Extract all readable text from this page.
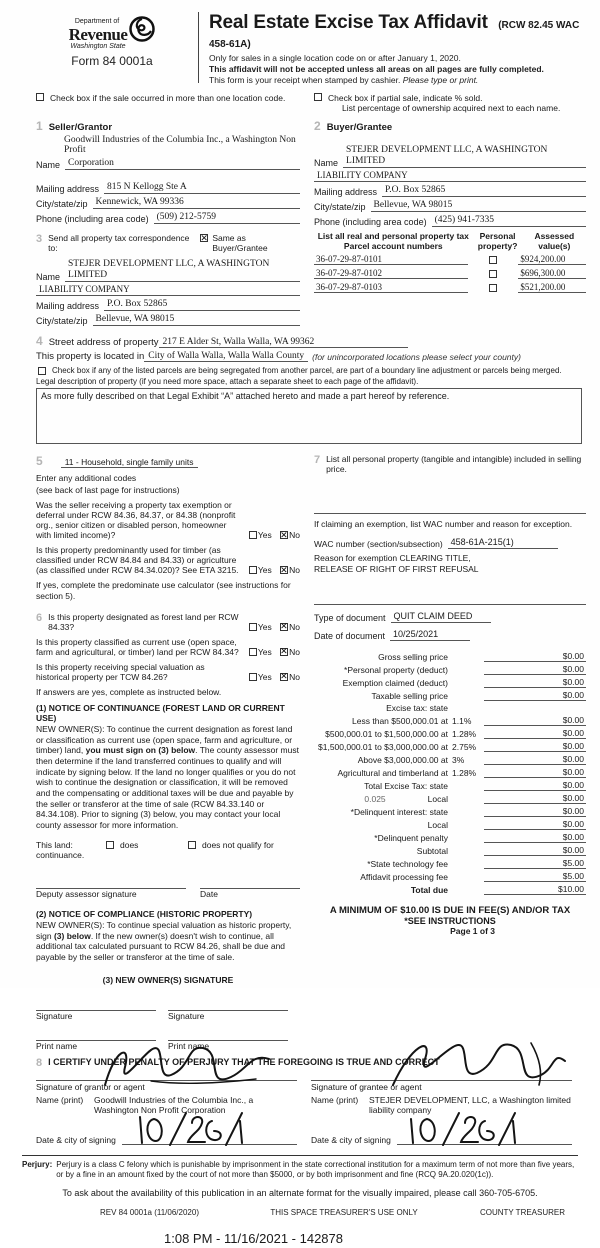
Department of
Revenue
Washington State
Form 84 0001a
Real Estate Excise Tax Affidavit (RCW 82.45 WAC 458-61A)
Only for sales in a single location code on or after January 1, 2020.
This affidavit will not be accepted unless all areas on all pages are fully completed.
This form is your receipt when stamped by cashier. Please type or print.
Check box if the sale occurred in more than one location code.	Check box if partial sale, indicate % sold.
List percentage of ownership acquired next to each name.
1 Seller/Grantor
Goodwill Industries of the Columbia Inc., a Washington Non Profit
Name Corporation
Mailing address 815 N Kellogg Ste A
City/state/zip Kennewick, WA 99336
Phone (including area code) (509) 212-5759
3 Send all property tax correspondence to:
✕
Same as Buyer/Grantee
Name
STEJER DEVELOPMENT LLC, A WASHINGTON LIMITED
LIABILITY COMPANY
Mailing address P.O. Box 52865
City/state/zip Bellevue, WA 98015
2 Buyer/Grantee
Name
STEJER DEVELOPMENT LLC, A WASHINGTON LIMITED
LIABILITY COMPANY
Mailing address P.O. Box 52865
City/state/zip Bellevue, WA 98015
Phone (including area code) (425) 941-7335
List all real and personal property tax
Parcel account numbers
Personal
property?
Assessed
value(s)
36-07-29-87-0101	$924,200.00
36-07-29-87-0102	$696,300.00
36-07-29-87-0103	$521,200.00
4 Street address of property 217 E Alder St, Walla Walla, WA 99362
This property is located in City of Walla Walla, Walla Walla County (for unincorporated locations please select your county)
Check box if any of the listed parcels are being segregated from another parcel, are part of a boundary line adjustment or parcels being merged.
Legal description of property (if you need more space, attach a separate sheet to each page of the affidavit).
As more fully described on that Legal Exhibit “A” attached hereto and made a part hereof by reference.
5	11 - Household, single family units
Enter any additional codes
(see back of last page for instructions)
Was the seller receiving a property tax exemption or deferral under RCW 84.36, 84.37, or 84.38 (nonprofit org., senior citizen or disabled person, homeowner with limited income)?	Yes ✕ No
Is this property predominantly used for timber (as classified under RCW 84.84 and 84.33) or agriculture (as classified under RCW 84.34.020)? See ETA 3215.	Yes ✕ No
If yes, complete the predominate use calculator (see instructions for section 5).
6 Is this property designated as forest land per RCW 84.33?	Yes ✕ No
Is this property classified as current use (open space, farm and agricultural, or timber) land per RCW 84.34?	Yes ✕ No
Is this property receiving special valuation as historical property per TCW 84.26?	Yes ✕ No
If answers are yes, complete as instructed below.
(1) NOTICE OF CONTINUANCE (FOREST LAND OR CURRENT USE)
NEW OWNER(S): To continue the current designation as forest land or classification as current use (open space, farm and agriculture, or timber) land, you must sign on (3) below. The county assessor must then determine if the land transferred continues to qualify and will indicate by signing below. If the land no longer qualifies or you do not wish to continue the designation or classification, it will be removed and the compensating or additional taxes will be due and payable by the seller or transferor at the time of sale (RCW 84.33.140 or 84.34.108). Prior to signing (3) below, you may contact your local county assessor for more information.
This land:	does	does not qualify for
continuance.
Deputy assessor signature	Date
(2) NOTICE OF COMPLIANCE (HISTORIC PROPERTY)
NEW OWNER(S): To continue special valuation as historic property, sign (3) below. If the new owner(s) doesn't wish to continue, all additional tax calculated pursuant to RCW 84.26, shall be due and payable by the seller or transferor at the time of sale.
(3) NEW OWNER(S) SIGNATURE
Signature	Signature
Print name	Print name
7 List all personal property (tangible and intangible) included in selling price.
If claiming an exemption, list WAC number and reason for exception.
WAC number (section/subsection) 458-61A-215(1)
Reason for exemption CLEARING TITLE,
RELEASE OF RIGHT OF FIRST REFUSAL
Type of document QUIT CLAIM DEED
Date of document 10/25/2021
Gross selling price	$0.00
*Personal property (deduct)	$0.00
Exemption claimed (deduct)	$0.00
Taxable selling price	$0.00
Excise tax: state
Less than $500,000.01 at 1.1%	$0.00
$500,000.01 to $1,500,000.00 at 1.28%	$0.00
$1,500,000.01 to $3,000,000.00 at 2.75%	$0.00
Above $3,000,000.00 at 3%	$0.00
Agricultural and timberland at 1.28%	$0.00
Total Excise Tax: state	$0.00
0.025	Local	$0.00
*Delinquent interest: state	$0.00
Local	$0.00
*Delinquent penalty	$0.00
Subtotal	$0.00
*State technology fee	$5.00
Affidavit processing fee	$5.00
Total due	$10.00
A MINIMUM OF $10.00 IS DUE IN FEE(S) AND/OR TAX
*SEE INSTRUCTIONS
8 I CERTIFY UNDER PENALTY OF PERJURY THAT THE FOREGOING IS TRUE AND CORRECT
Signature of grantor or agent
Name (print)	Goodwill Industries of the Columbia Inc., a Washington Non Profit Corporation
Date & city of signing
Signature of grantee or agent
Name (print)	STEJER DEVELOPMENT, LLC, a Washington limited liability company
Date & city of signing
Perjury: Perjury is a class C felony which is punishable by imprisonment in the state correctional institution for a maximum term of not more than five years, or by a fine in an amount fixed by the court of not more than $5000, or by both imprisonment and fine (RCQ 9A.20.020(1c)).
To ask about the availability of this publication in an alternate format for the visually impaired, please call 360-705-6705.
REV 84 0001a (11/06/2020)	THIS SPACE TREASURER'S USE ONLY	COUNTY TREASURER
1:08 PM - 11/16/2021 - 142878
Page 1 of 3
